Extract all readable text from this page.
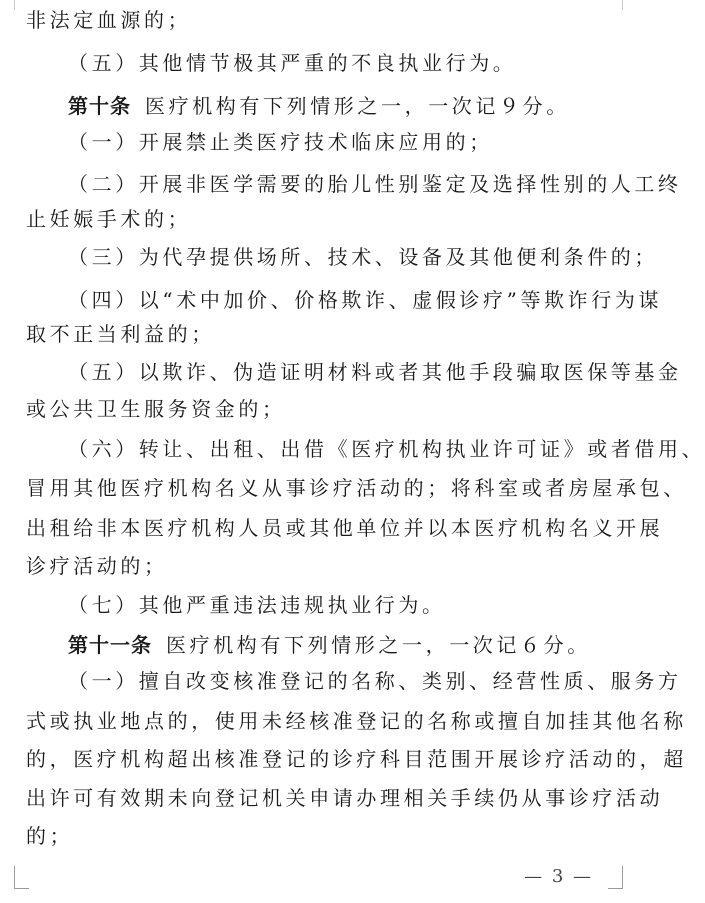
非法定血源的；
（五）其他情节极其严重的不良执业行为。
第十条 医疗机构有下列情形之一，一次记９分。
（一）开展禁止类医疗技术临床应用的；
（二）开展非医学需要的胎儿性别鉴定及选择性别的人工终
止妊娠手术的；
（三）为代孕提供场所、技术、设备及其他便利条件的；
（四）以“术中加价、价格欺诈、虚假诊疗”等欺诈行为谋
取不正当利益的；
（五）以欺诈、伪造证明材料或者其他手段骗取医保等基金
或公共卫生服务资金的；
（六）转让、出租、出借《医疗机构执业许可证》或者借用、
冒用其他医疗机构名义从事诊疗活动的；将科室或者房屋承包、
出租给非本医疗机构人员或其他单位并以本医疗机构名义开展
诊疗活动的；
（七）其他严重违法违规执业行为。
第十一条 医疗机构有下列情形之一，一次记６分。
（一）擅自改变核准登记的名称、类别、经营性质、服务方
式或执业地点的，使用未经核准登记的名称或擅自加挂其他名称
的，医疗机构超出核准登记的诊疗科目范围开展诊疗活动的，超
出许可有效期未向登记机关申请办理相关手续仍从事诊疗活动
的；
— 3 —
